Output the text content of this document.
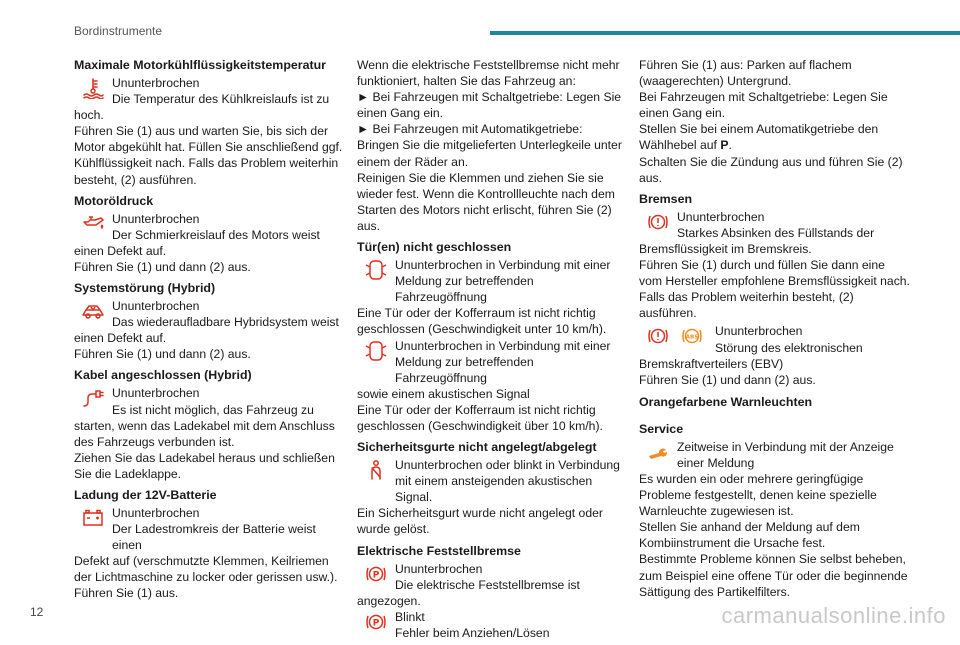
Bordinstrumente
Maximale Motorkühlflüssigkeitstemperatur
Ununterbrochen
Die Temperatur des Kühlkreislaufs ist zu
hoch.

Führen Sie (1) aus und warten Sie, bis sich der Motor abgekühlt hat. Füllen Sie anschließend ggf. Kühlflüssigkeit nach. Falls das Problem weiterhin besteht, (2) ausführen.

Motoröldruck
Ununterbrochen
Der Schmierkreislauf des Motors weist
einen Defekt auf.

Führen Sie (1) und dann (2) aus.

Systemstörung (Hybrid)
Ununterbrochen
Das wiederaufladbare Hybridsystem weist
einen Defekt auf.

Führen Sie (1) und dann (2) aus.

Kabel angeschlossen (Hybrid)
Ununterbrochen
Es ist nicht möglich, das Fahrzeug zu
starten, wenn das Ladekabel mit dem Anschluss des Fahrzeugs verbunden ist.

Ziehen Sie das Ladekabel heraus und schließen Sie die Ladeklappe.

Ladung der 12V-Batterie
Ununterbrochen
Der Ladestromkreis der Batterie weist einen
Defekt auf (verschmutzte Klemmen, Keilriemen der Lichtmaschine zu locker oder gerissen usw.).

Führen Sie (1) aus.

Wenn die elektrische Feststellbremse nicht mehr funktioniert, halten Sie das Fahrzeug an:

► Bei Fahrzeugen mit Schaltgetriebe: Legen Sie einen Gang ein.

► Bei Fahrzeugen mit Automatikgetriebe: Bringen Sie die mitgelieferten Unterlegkeile unter einem der Räder an.

Reinigen Sie die Klemmen und ziehen Sie sie wieder fest. Wenn die Kontrollleuchte nach dem Starten des Motors nicht erlischt, führen Sie (2) aus.

Tür(en) nicht geschlossen
Ununterbrochen in Verbindung mit einer
Meldung zur betreffenden Fahrzeugöffnung

Eine Tür oder der Kofferraum ist nicht richtig geschlossen (Geschwindigkeit unter 10 km/h).

Ununterbrochen in Verbindung mit einer
Meldung zur betreffenden Fahrzeugöffnung

sowie einem akustischen Signal

Eine Tür oder der Kofferraum ist nicht richtig geschlossen (Geschwindigkeit über 10 km/h).

Sicherheitsgurte nicht angelegt/abgelegt
Ununterbrochen oder blinkt in Verbindung
mit einem ansteigenden akustischen Signal.

Ein Sicherheitsgurt wurde nicht angelegt oder wurde gelöst.

Elektrische Feststellbremse
P Ununterbrochen
Die elektrische Feststellbremse ist
angezogen.
P Blinkt
Fehler beim Anziehen/Lösen

Führen Sie (1) aus: Parken auf flachem (waagerechten) Untergrund.

Bei Fahrzeugen mit Schaltgetriebe: Legen Sie einen Gang ein.

Stellen Sie bei einem Automatikgetriebe den Wählhebel auf P.

Schalten Sie die Zündung aus und führen Sie (2) aus.

Bremsen
Ununterbrochen
Starkes Absinken des Füllstands der
Bremsflüssigkeit im Bremskreis.

Führen Sie (1) durch und füllen Sie dann eine vom Hersteller empfohlene Bremsflüssigkeit nach. Falls das Problem weiterhin besteht, (2) ausführen.

ABS Ununterbrochen
Störung des elektronischen
Bremskraftverteilers (EBV)

Führen Sie (1) und dann (2) aus.

Orangefarbene Warnleuchten
Service
Zeitweise in Verbindung mit der Anzeige
einer Meldung

Es wurden ein oder mehrere geringfügige Probleme festgestellt, denen keine spezielle Warnleuchte zugewiesen ist.

Stellen Sie anhand der Meldung auf dem Kombiinstrument die Ursache fest.

Bestimmte Probleme können Sie selbst beheben, zum Beispiel eine offene Tür oder die beginnende Sättigung des Partikelfilters.

12	carmanualsonline.info
